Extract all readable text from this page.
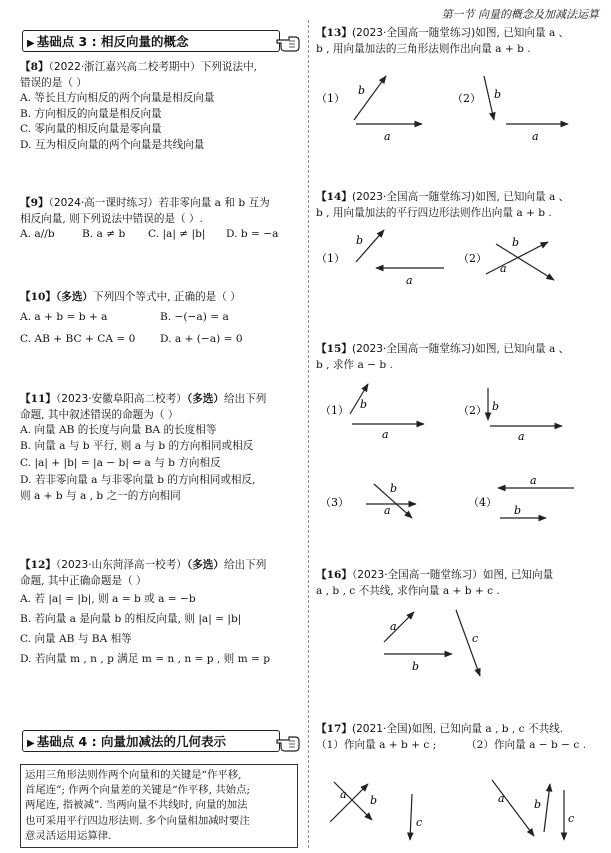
第一节 向量的概念及加减法运算
▶ 基础点 3 : 相反向量的概念
【8】（2022·浙江嘉兴高二校考期中）下列说法中,
错误的是（ ）
A. 等长且方向相反的两个向量是相反向量
B. 方向相反的向量是相反向量
C. 零向量的相反向量是零向量
D. 互为相反向量的两个向量是共线向量
【9】（2024·高一课时练习）若非零向量 a 和 b 互为
相反向量, 则下列说法中错误的是（ ）.
A. a//b	B. a ≠ b C. |a| ≠ |b| D. b = −a
【10】（多选）下列四个等式中, 正确的是（ ）
A. a + b = b + a	B. −(−a) = a
C. AB + BC + CA = 0 D. a + (−a) = 0
【11】（2023·安徽阜阳高二校考）（多选）给出下列
命题, 其中叙述错误的命题为（ ）
A. 向量 AB 的长度与向量 BA 的长度相等
B. 向量 a 与 b 平行, 则 a 与 b 的方向相同或相反
C. |a| + |b| = |a − b| ⇔ a 与 b 方向相反
D. 若非零向量 a 与非零向量 b 的方向相同或相反,
则 a + b 与 a , b 之一的方向相同
【12】（2023·山东菏泽高一校考）（多选）给出下列
命题, 其中正确命题是（ ）
A. 若 |a| = |b|, 则 a = b 或 a = −b
B. 若向量 a 是向量 b 的相反向量, 则 |a| = |b|
C. 向量 AB 与 BA 相等
D. 若向量 m , n , p 满足 m = n , n = p , 则 m = p
▶ 基础点 4 : 向量加减法的几何表示
运用三角形法则作两个向量和的关键是“作平移,
首尾连”; 作两个向量差的关键是“作平移, 共始点;
两尾连, 指被减”. 当两向量不共线时, 向量的加法
也可采用平行四边形法则. 多个向量相加减时要注
意灵活运用运算律.
【13】(2023·全国高一随堂练习)如图, 已知向量 a 、
b , 用向量加法的三角形法则作出向量 a + b .
（1）
b
a
（2） b
a
【14】(2023·全国高一随堂练习)如图, 已知向量 a 、
b , 用向量加法的平行四边形法则作出向量 a + b .
（1）
b
a
（2）
b
a
【15】(2023·全国高一随堂练习)如图, 已知向量 a 、
b , 求作 a − b .
（1） b
a
（2） b
a
（3）
b
a
（4）
a
b
【16】（2023·全国高一随堂练习）如图, 已知向量
a , b , c 不共线, 求作向量 a + b + c .
a
c
b
【17】(2021·全国)如图, 已知向量 a , b , c 不共线.
（1）作向量 a + b + c ;	（2）作向量 a − b − c .
a b
c
a	b
c
